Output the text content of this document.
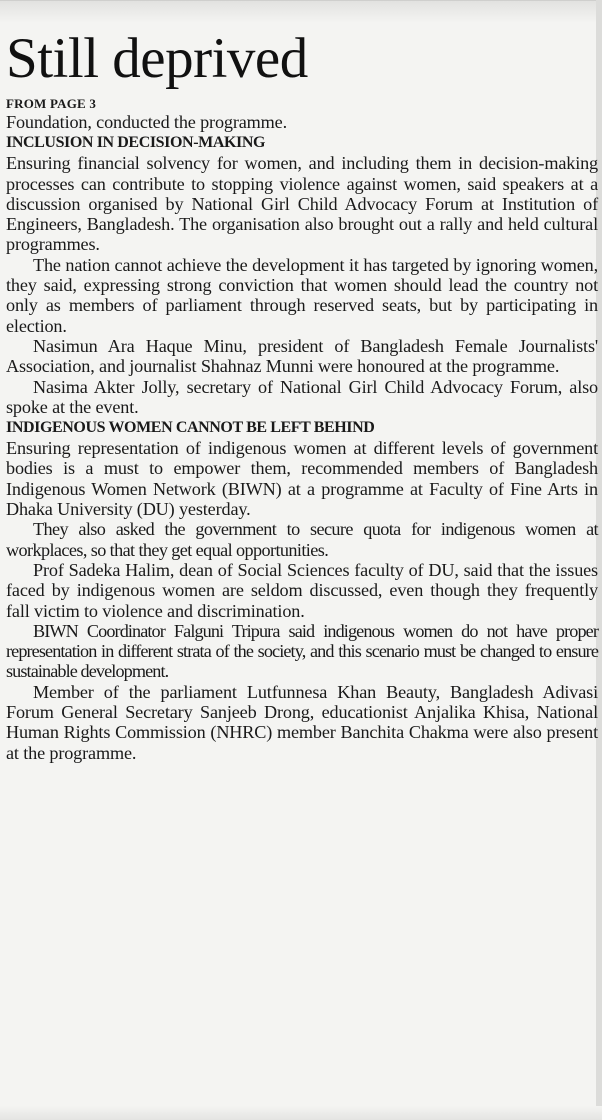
Still deprived
FROM PAGE 3

Foundation, conducted the programme.

INCLUSION IN DECISION-MAKING

Ensuring financial solvency for women, and including them in decision-making processes can contribute to stopping violence against women, said speakers at a discussion organised by National Girl Child Advocacy Forum at Institution of Engineers, Bangladesh. The organisation also brought out a rally and held cultural programmes.

The nation cannot achieve the development it has targeted by ignoring women, they said, expressing strong conviction that women should lead the country not only as members of parliament through reserved seats, but by participating in election.

Nasimun Ara Haque Minu, president of Bangladesh Female Journalists' Association, and journalist Shahnaz Munni were honoured at the programme.

Nasima Akter Jolly, secretary of National Girl Child Advocacy Forum, also spoke at the event.

INDIGENOUS WOMEN CANNOT BE LEFT BEHIND

Ensuring representation of indigenous women at different levels of government bodies is a must to empower them, recommended members of Bangladesh Indigenous Women Network (BIWN) at a programme at Faculty of Fine Arts in Dhaka University (DU) yesterday.

They also asked the government to secure quota for indigenous women at workplaces, so that they get equal opportunities.

Prof Sadeka Halim, dean of Social Sciences faculty of DU, said that the issues faced by indigenous women are seldom discussed, even though they frequently fall victim to violence and discrimination.

BIWN Coordinator Falguni Tripura said indigenous women do not have proper representation in different strata of the society, and this scenario must be changed to ensure sustainable development.

Member of the parliament Lutfunnesa Khan Beauty, Bangladesh Adivasi Forum General Secretary Sanjeeb Drong, educationist Anjalika Khisa, National Human Rights Commission (NHRC) member Banchita Chakma were also present at the programme.
